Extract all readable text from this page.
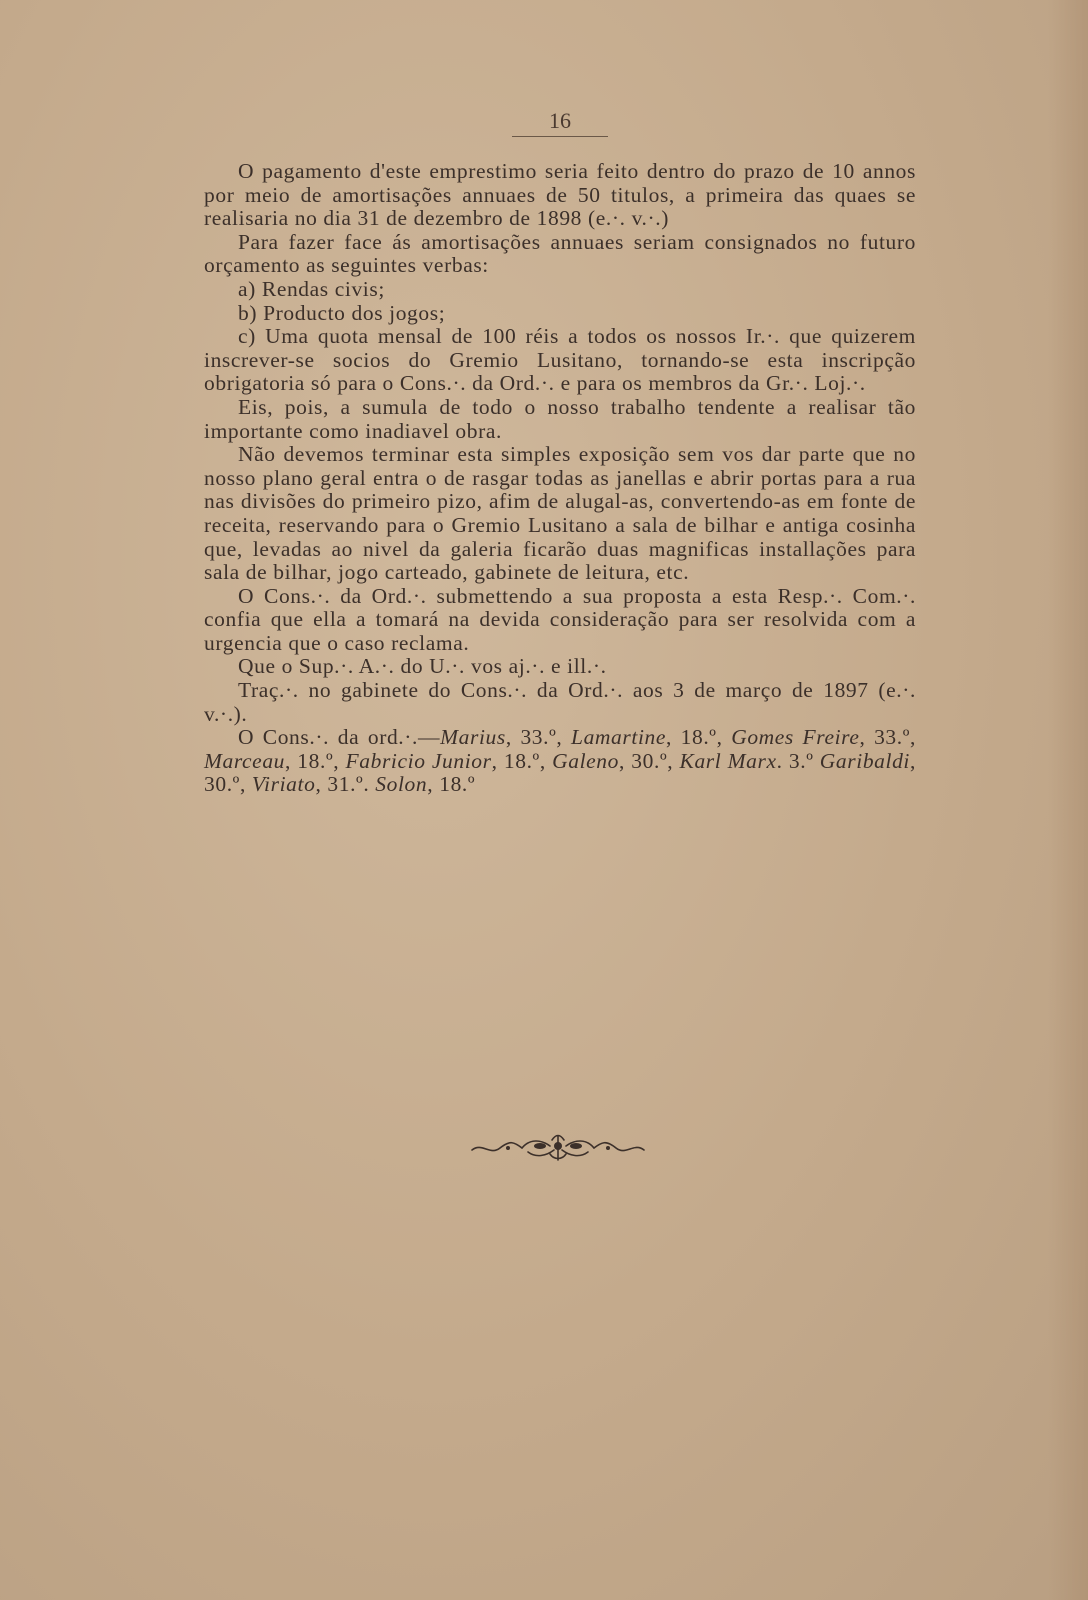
16

O pagamento d'este emprestimo seria feito dentro do prazo de 10 annos por meio de amortisações annuaes de 50 titulos, a primeira das quaes se realisaria no dia 31 de dezembro de 1898 (e.·. v.·.)

Para fazer face ás amortisações annuaes seriam consignados no futuro orçamento as seguintes verbas:

a) Rendas civis;

b) Producto dos jogos;

c) Uma quota mensal de 100 réis a todos os nossos Ir.·. que quizerem inscrever-se socios do Gremio Lusitano, tornando-se esta inscripção obrigatoria só para o Cons.·. da Ord.·. e para os membros da Gr.·. Loj.·.

Eis, pois, a sumula de todo o nosso trabalho tendente a realisar tão importante como inadiavel obra.

Não devemos terminar esta simples exposição sem vos dar parte que no nosso plano geral entra o de rasgar todas as janellas e abrir portas para a rua nas divisões do primeiro pizo, afim de alugal-as, convertendo-as em fonte de receita, reservando para o Gremio Lusitano a sala de bilhar e antiga cosinha que, levadas ao nivel da galeria ficarão duas magnificas installações para sala de bilhar, jogo carteado, gabinete de leitura, etc.

O Cons.·. da Ord.·. submettendo a sua proposta a esta Resp.·. Com.·. confia que ella a tomará na devida consideração para ser resolvida com a urgencia que o caso reclama.

Que o Sup.·. A.·. do U.·. vos aj.·. e ill.·.

Traç.·. no gabinete do Cons.·. da Ord.·. aos 3 de março de 1897 (e.·. v.·.).

O Cons.·. da ord.·.—Marius, 33.º, Lamartine, 18.º, Gomes Freire, 33.º, Marceau, 18.º, Fabricio Junior, 18.º, Galeno, 30.º, Karl Marx. 3.º Garibaldi, 30.º, Viriato, 31.º. Solon, 18.º
